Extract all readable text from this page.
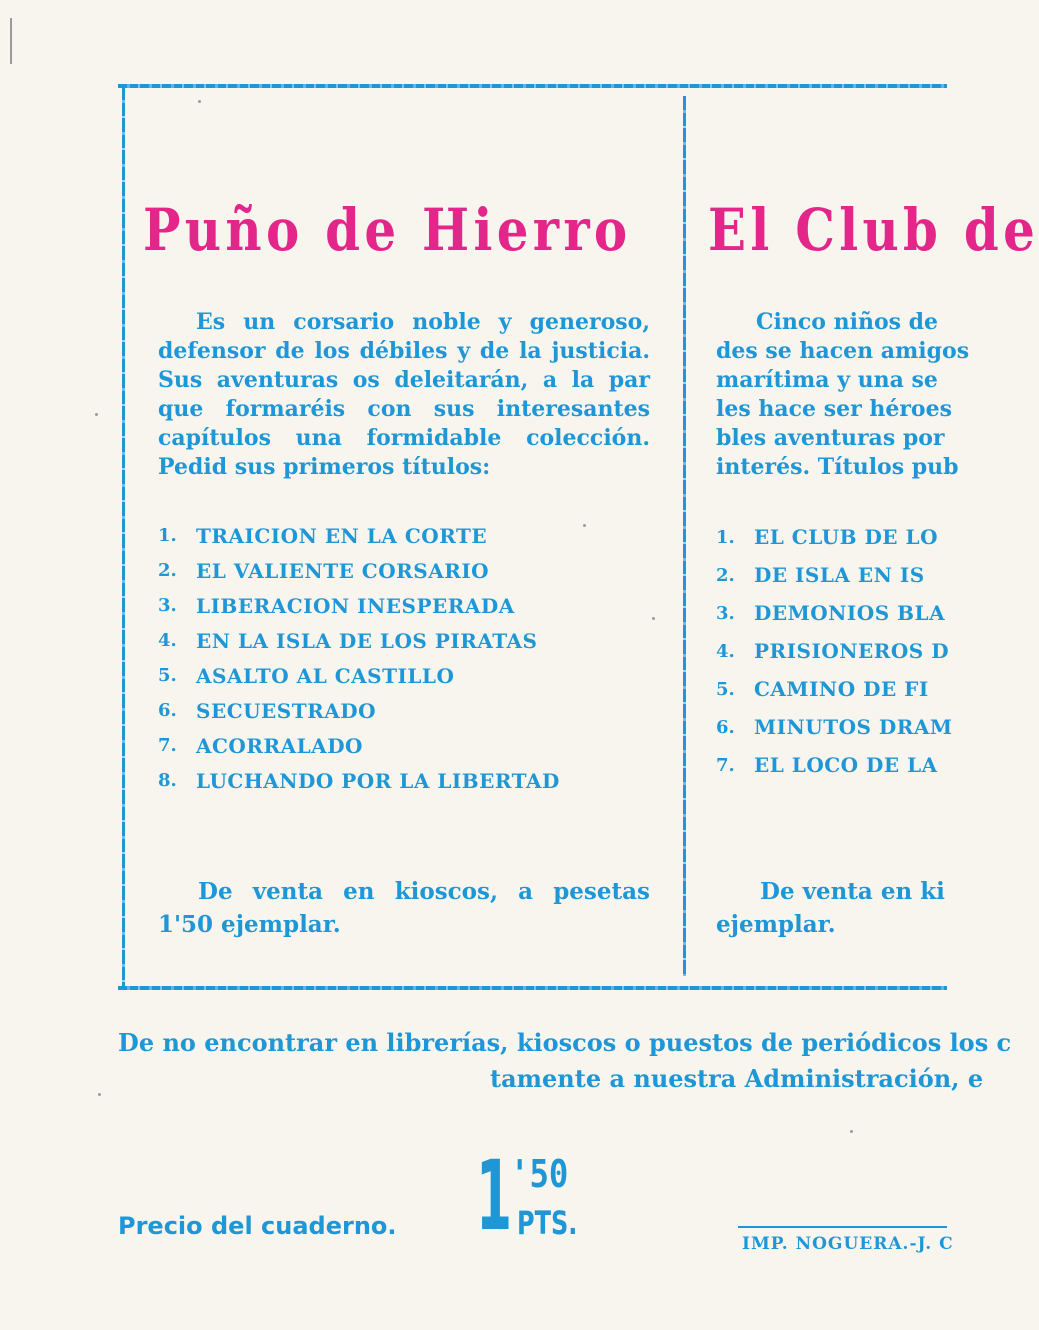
Puño de Hierro
Es un corsario noble y generoso, defensor de los débiles y de la justicia. Sus aventuras os deleitarán, a la par que formaréis con sus interesantes capítulos una formidable colección. Pedid sus primeros títulos:
1. TRAICION EN LA CORTE
2. EL VALIENTE CORSARIO
3. LIBERACION INESPERADA
4. EN LA ISLA DE LOS PIRATAS
5. ASALTO AL CASTILLO
6. SECUESTRADO
7. ACORRALADO
8. LUCHANDO POR LA LIBERTAD
De venta en kioscos, a pesetas 1'50 ejemplar.
El Club de
Cinco niños de
des se hacen amigos
marítima y una se
les hace ser héroes
bles aventuras por
interés. Títulos pub
1. EL CLUB DE LO
2. DE ISLA EN IS
3. DEMONIOS BLA
4. PRISIONEROS D
5. CAMINO DE FI
6. MINUTOS DRAM
7. EL LOCO DE LA
De venta en ki
ejemplar.
De no encontrar en librerías, kioscos o puestos de periódicos los c
tamente a nuestra Administración, e
Precio del cuaderno. 1
'50
PTS.
IMP. NOGUERA.-J. C
